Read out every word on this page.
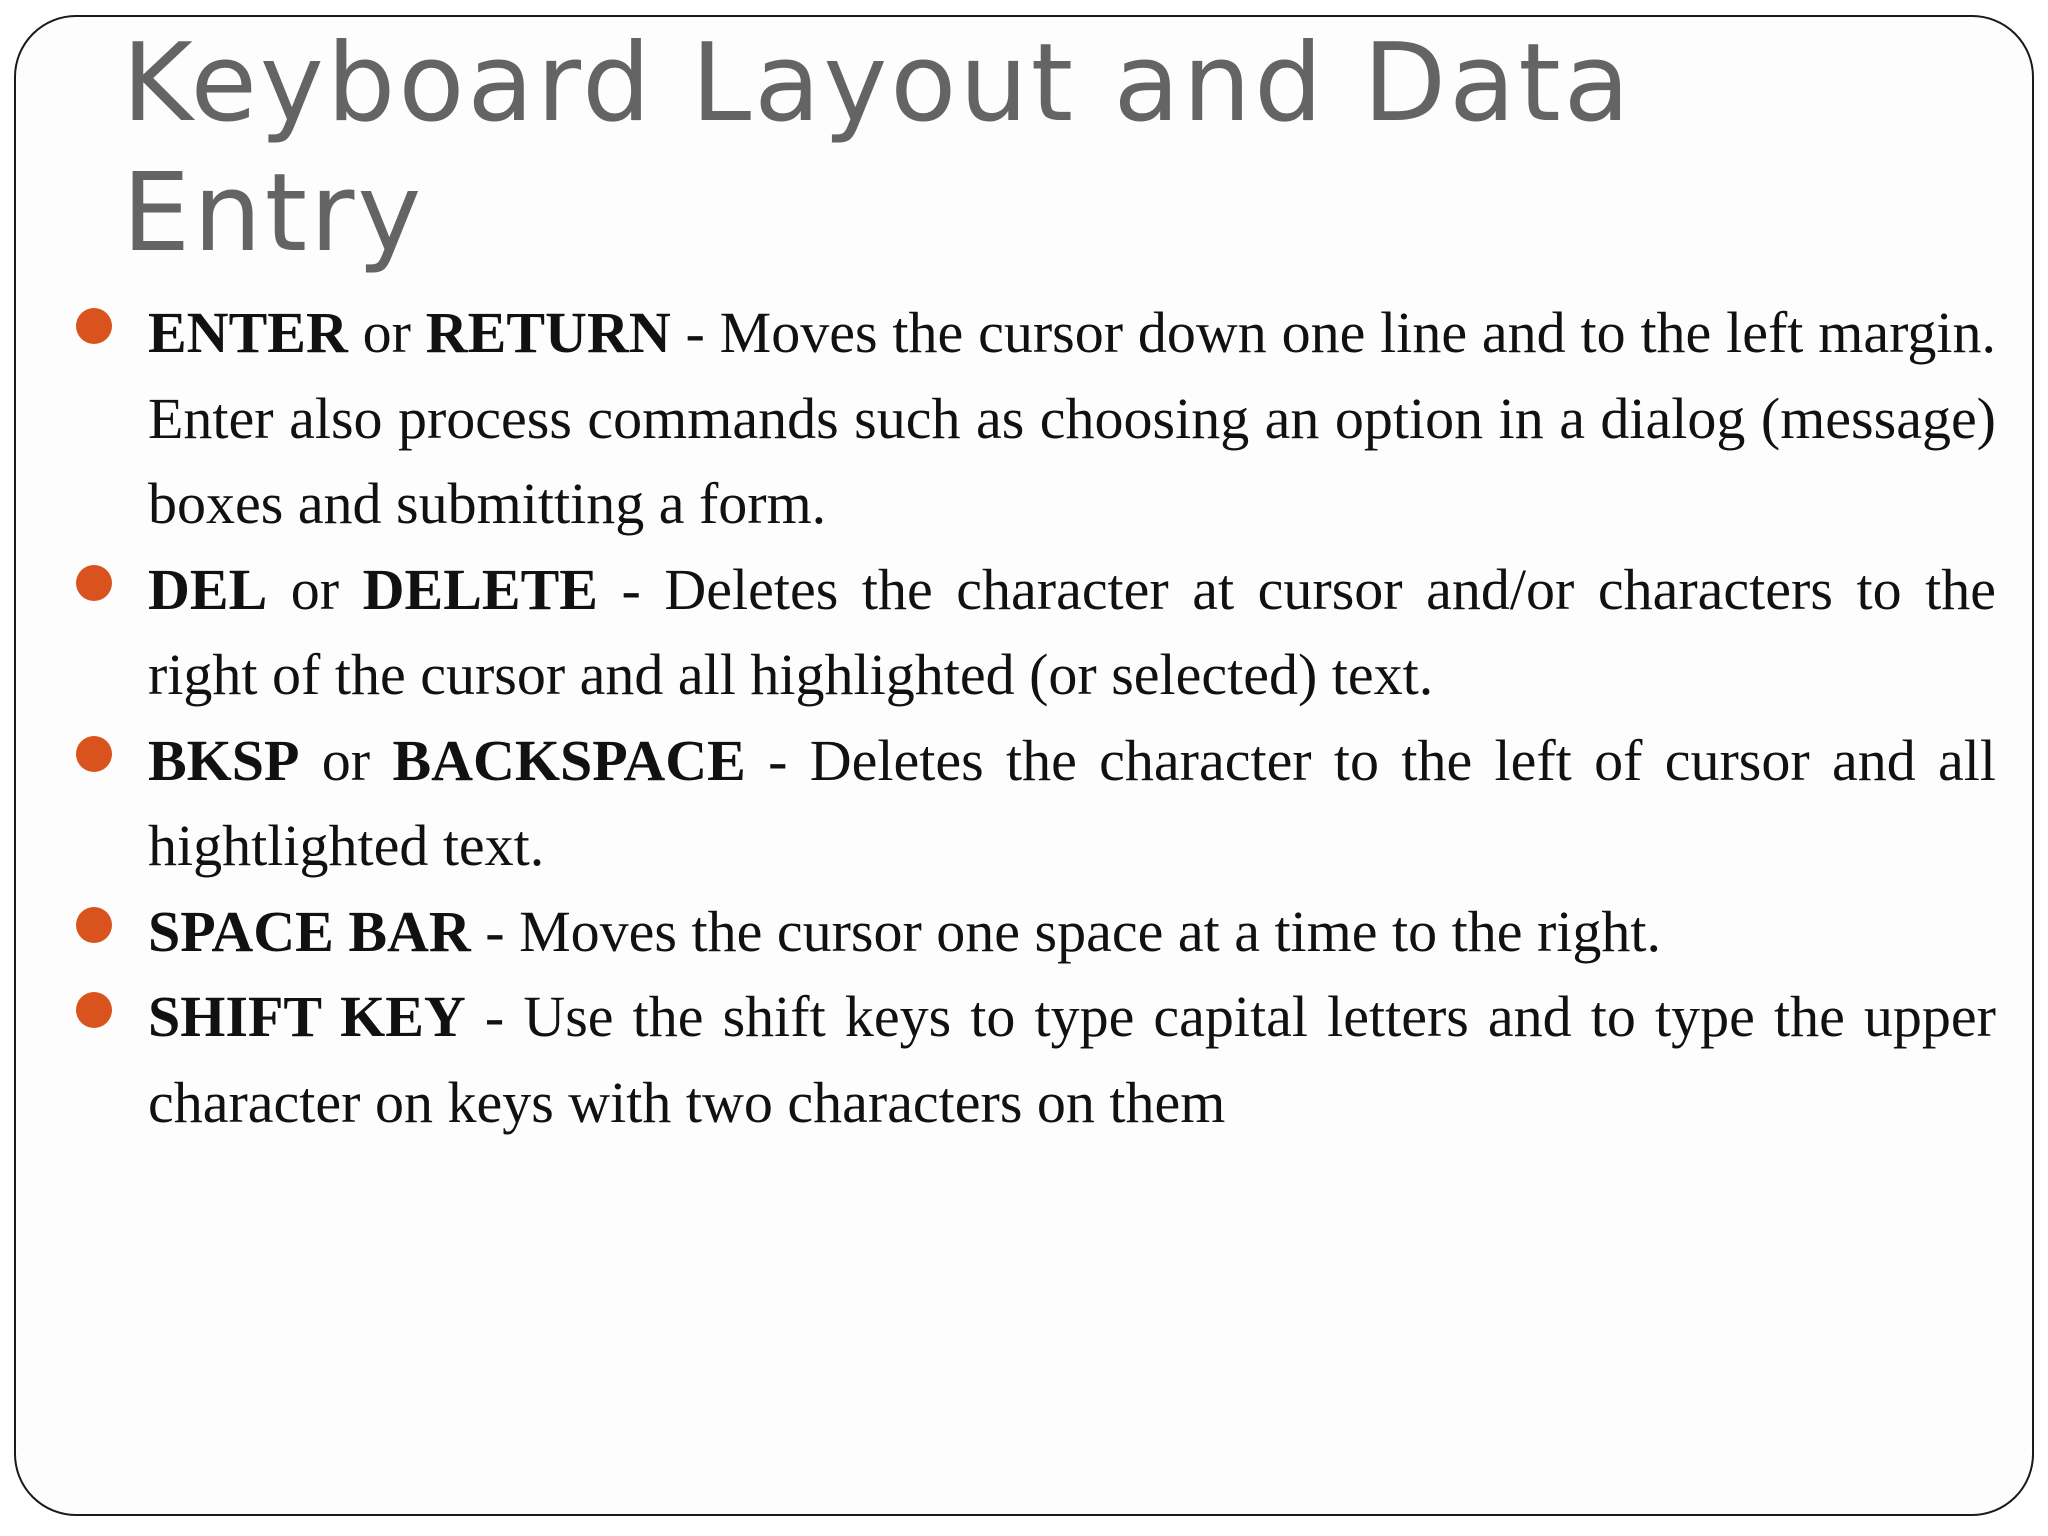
Keyboard Layout and Data Entry
ENTER or RETURN - Moves the cursor down one line and to the left margin. Enter also process commands such as choosing an option in a dialog (message) boxes and submitting a form.
DEL or DELETE - Deletes the character at cursor and/or characters to the right of the cursor and all highlighted (or selected) text.
BKSP or BACKSPACE - Deletes the character to the left of cursor and all hightlighted text.
SPACE BAR - Moves the cursor one space at a time to the right.
SHIFT KEY - Use the shift keys to type capital letters and to type the upper character on keys with two characters on them
